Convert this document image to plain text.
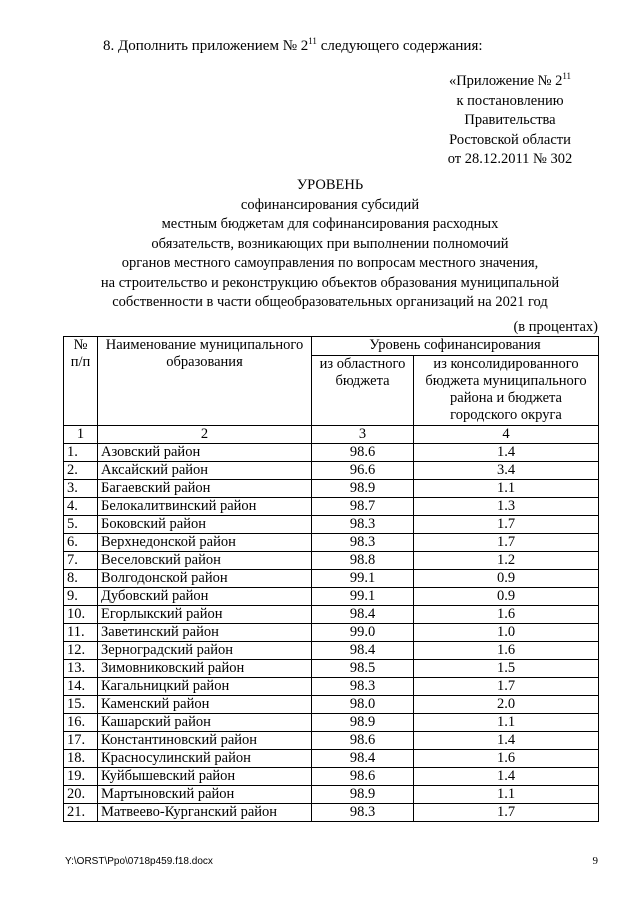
8. Дополнить приложением № $2^{11}$ следующего содержания:
«Приложение № $2^{11}$
к постановлению
Правительства
Ростовской области
от 28.12.2011 № 302
УРОВЕНЬ
софинансирования субсидий
местным бюджетам для софинансирования расходных
обязательств, возникающих при выполнении полномочий
органов местного самоуправления по вопросам местного значения,
на строительство и реконструкцию объектов образования муниципальной
собственности в части общеобразовательных организаций на 2021 год
(в процентах)
№
п/п	Наименование муниципального образования	Уровень софинансирования	
		из областного бюджета	из консолидированного бюджета муниципального района и бюджета городского округа
1	2	3	4
1.	Азовский район	98.6	1.4
2.	Аксайский район	96.6	3.4
3.	Багаевский район	98.9	1.1
4.	Белокалитвинский район	98.7	1.3
5.	Боковский район	98.3	1.7
6.	Верхнедонской район	98.3	1.7
7.	Веселовский район	98.8	1.2
8.	Волгодонской район	99.1	0.9
9.	Дубовский район	99.1	0.9
10.	Егорлыкский район	98.4	1.6
11.	Заветинский район	99.0	1.0
12.	Зерноградский район	98.4	1.6
13.	Зимовниковский район	98.5	1.5
14.	Кагальницкий район	98.3	1.7
15.	Каменский район	98.0	2.0
16.	Кашарский район	98.9	1.1
17.	Константиновский район	98.6	1.4
18.	Красносулинский район	98.4	1.6
19.	Куйбышевский район	98.6	1.4
20.	Мартыновский район	98.9	1.1
21.	Матвеево-Курганский район	98.3	1.7
Y:\ORST\Ppo\0718p459.f18.docx	9
